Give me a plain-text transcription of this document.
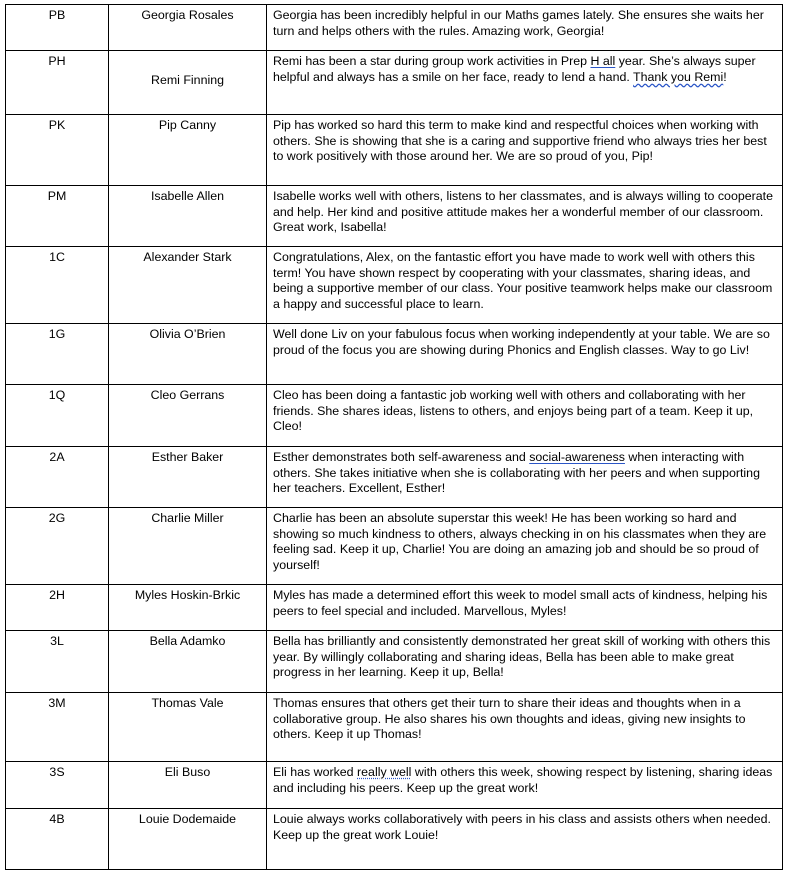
PB	Georgia Rosales	Georgia has been incredibly helpful in our Maths games lately. She ensures she waits her turn and helps others with the rules. Amazing work, Georgia!
PH	Remi Finning	Remi has been a star during group work activities in Prep H all year. She’s always super helpful and always has a smile on her face, ready to lend a hand. Thank you Remi!
PK	Pip Canny	Pip has worked so hard this term to make kind and respectful choices when working with others. She is showing that she is a caring and supportive friend who always tries her best to work positively with those around her. We are so proud of you, Pip!
PM	Isabelle Allen	Isabelle works well with others, listens to her classmates, and is always willing to cooperate and help. Her kind and positive attitude makes her a wonderful member of our classroom. Great work, Isabella!
1C	Alexander Stark	Congratulations, Alex, on the fantastic effort you have made to work well with others this term! You have shown respect by cooperating with your classmates, sharing ideas, and being a supportive member of our class. Your positive teamwork helps make our classroom a happy and successful place to learn.
1G	Olivia O’Brien	Well done Liv on your fabulous focus when working independently at your table. We are so proud of the focus you are showing during Phonics and English classes. Way to go Liv!
1Q	Cleo Gerrans	Cleo has been doing a fantastic job working well with others and collaborating with her friends. She shares ideas, listens to others, and enjoys being part of a team. Keep it up, Cleo!
2A	Esther Baker	Esther demonstrates both self-awareness and social-awareness when interacting with others. She takes initiative when she is collaborating with her peers and when supporting her teachers. Excellent, Esther!
2G	Charlie Miller	Charlie has been an absolute superstar this week! He has been working so hard and showing so much kindness to others, always checking in on his classmates when they are feeling sad. Keep it up, Charlie! You are doing an amazing job and should be so proud of yourself!
2H	Myles Hoskin-Brkic	Myles has made a determined effort this week to model small acts of kindness, helping his peers to feel special and included. Marvellous, Myles!
3L	Bella Adamko	Bella has brilliantly and consistently demonstrated her great skill of working with others this year. By willingly collaborating and sharing ideas, Bella has been able to make great progress in her learning. Keep it up, Bella!
3M	Thomas Vale	Thomas ensures that others get their turn to share their ideas and thoughts when in a collaborative group. He also shares his own thoughts and ideas, giving new insights to others. Keep it up Thomas!
3S	Eli Buso	Eli has worked really well with others this week, showing respect by listening, sharing ideas and including his peers. Keep up the great work!
4B	Louie Dodemaide	Louie always works collaboratively with peers in his class and assists others when needed. Keep up the great work Louie!
